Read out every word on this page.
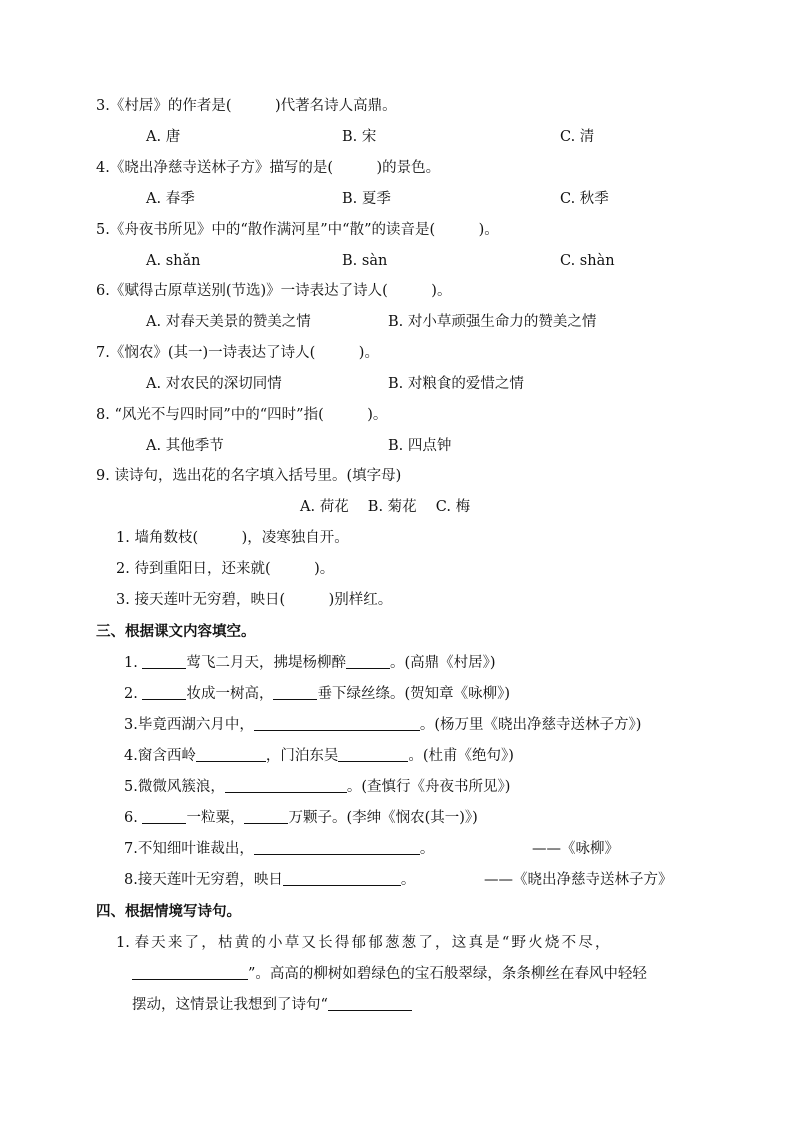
3.《村居》的作者是(　　　)代著名诗人高鼎。
A. 唐	B. 宋	C. 清
4.《晓出净慈寺送林子方》描写的是(　　　)的景色。
A. 春季	B. 夏季	C. 秋季
5.《舟夜书所见》中的“散作满河星”中“散”的读音是(　　　)。
A. shǎn	B. sàn	C. shàn
6.《赋得古原草送别(节选)》一诗表达了诗人(　　　)。
A. 对春天美景的赞美之情	B. 对小草顽强生命力的赞美之情
7.《悯农》(其一)一诗表达了诗人(　　　)。
A. 对农民的深切同情	B. 对粮食的爱惜之情
8. “风光不与四时同”中的“四时”指(　　　)。
A. 其他季节	B. 四点钟
9. 读诗句，选出花的名字填入括号里。(填字母)
A. 荷花　 B. 菊花　 C. 梅
1. 墙角数枝(　　　)，凌寒独自开。
2. 待到重阳日，还来就(　　　)。
3. 接天莲叶无穷碧，映日(　　　)别样红。
三、根据课文内容填空。
1.	莺飞二月天，拂堤杨柳醉	。(高鼎《村居》)
2.	妆成一树高，	垂下绿丝绦。(贺知章《咏柳》)
3.毕竟西湖六月中，	。(杨万里《晓出净慈寺送林子方》)
4.窗含西岭	，门泊东吴	。(杜甫《绝句》)
5.微微风簇浪，	。(查慎行《舟夜书所见》)
6.	一粒粟，	万颗子。(李绅《悯农(其一)》)
7.不知细叶谁裁出，	。	——《咏柳》
8.接天莲叶无穷碧，映日	。	——《晓出净慈寺送林子方》
四、根据情境写诗句。
1. 春天来了，枯黄的小草又长得郁郁葱葱了，这真是“野火烧不尽，
”。高高的柳树如碧绿色的宝石般翠绿，条条柳丝在春风中轻轻
摆动，这情景让我想到了诗句“
